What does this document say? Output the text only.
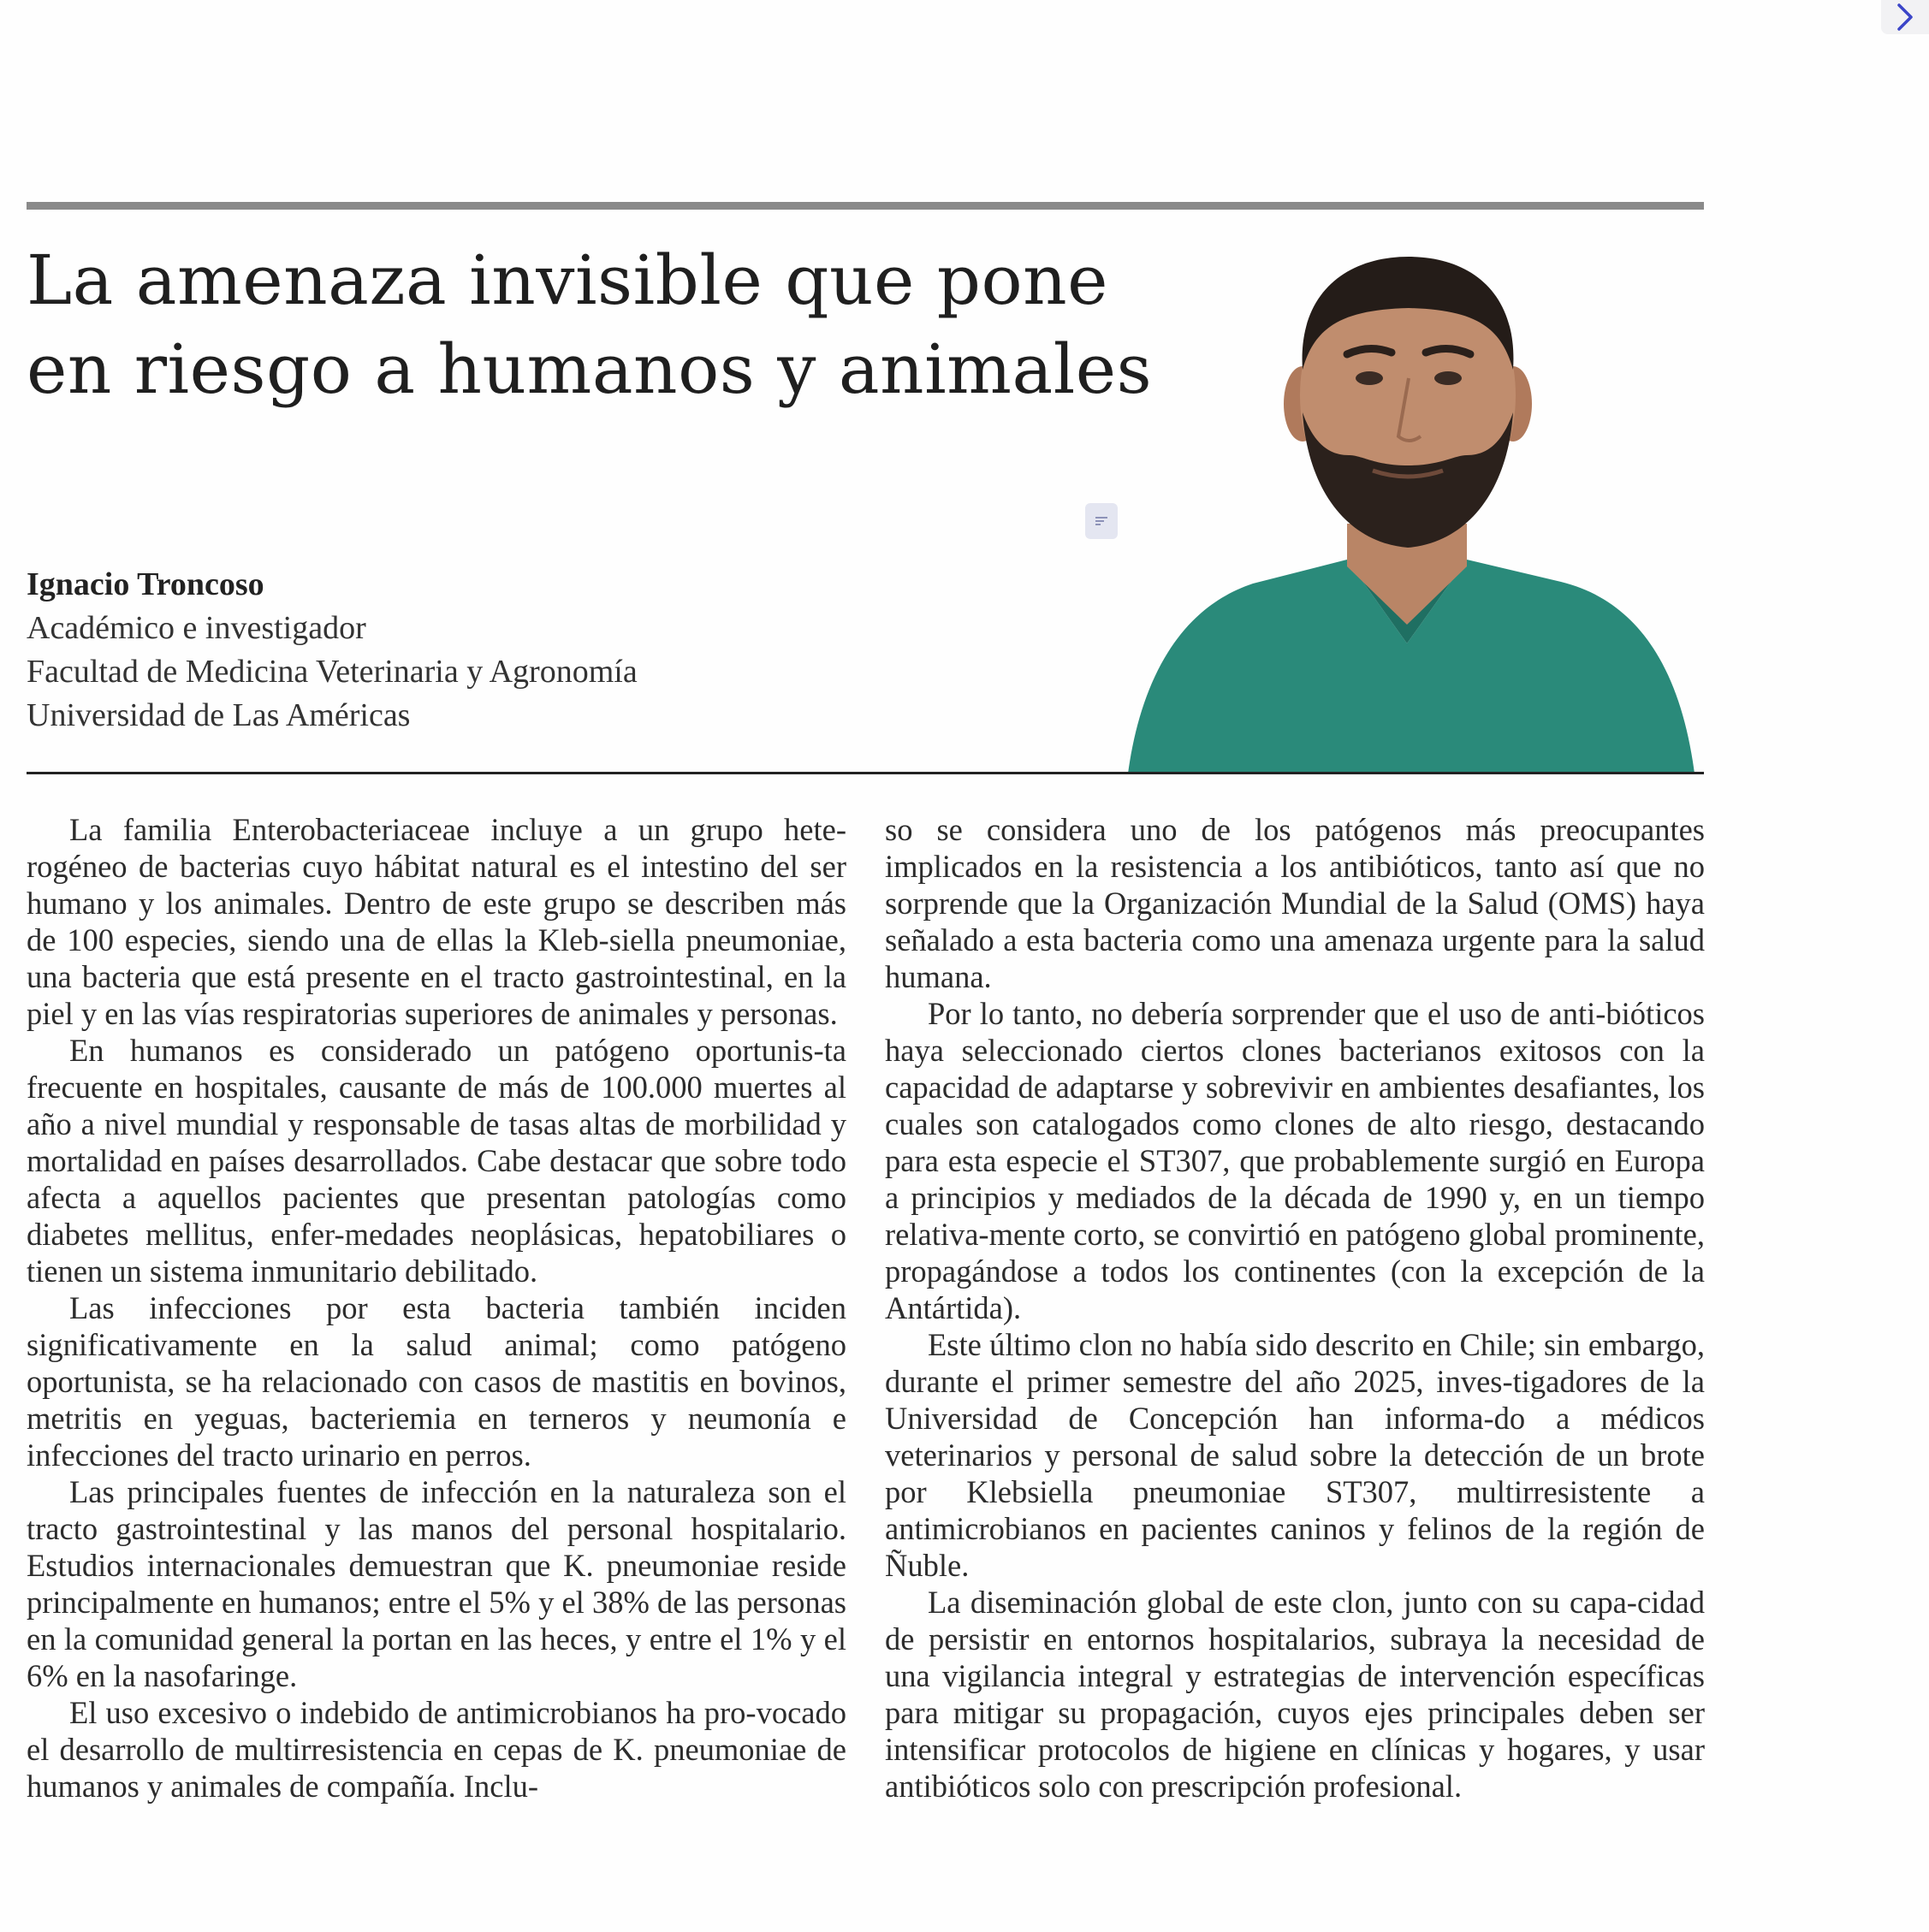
La amenaza invisible que pone
en riesgo a humanos y animales
Ignacio Troncoso
Académico e investigador
Facultad de Medicina Veterinaria y Agronomía
Universidad de Las Américas

La familia Enterobacteriaceae incluye a un grupo hete-rogéneo de bacterias cuyo hábitat natural es el intestino del ser humano y los animales. Dentro de este grupo se describen más de 100 especies, siendo una de ellas la Kleb-siella pneumoniae, una bacteria que está presente en el tracto gastrointestinal, en la piel y en las vías respiratorias superiores de animales y personas.

En humanos es considerado un patógeno oportunis-ta frecuente en hospitales, causante de más de 100.000 muertes al año a nivel mundial y responsable de tasas altas de morbilidad y mortalidad en países desarrollados. Cabe destacar que sobre todo afecta a aquellos pacientes que presentan patologías como diabetes mellitus, enfer-medades neoplásicas, hepatobiliares o tienen un sistema inmunitario debilitado.

Las infecciones por esta bacteria también inciden significativamente en la salud animal; como patógeno oportunista, se ha relacionado con casos de mastitis en bovinos, metritis en yeguas, bacteriemia en terneros y neumonía e infecciones del tracto urinario en perros.

Las principales fuentes de infección en la naturaleza son el tracto gastrointestinal y las manos del personal hospitalario. Estudios internacionales demuestran que K. pneumoniae reside principalmente en humanos; entre el 5% y el 38% de las personas en la comunidad general la portan en las heces, y entre el 1% y el 6% en la nasofaringe.

El uso excesivo o indebido de antimicrobianos ha pro-vocado el desarrollo de multirresistencia en cepas de K. pneumoniae de humanos y animales de compañía. Inclu-

so se considera uno de los patógenos más preocupantes implicados en la resistencia a los antibióticos, tanto así que no sorprende que la Organización Mundial de la Salud (OMS) haya señalado a esta bacteria como una amenaza urgente para la salud humana.

Por lo tanto, no debería sorprender que el uso de anti-bióticos haya seleccionado ciertos clones bacterianos exitosos con la capacidad de adaptarse y sobrevivir en ambientes desafiantes, los cuales son catalogados como clones de alto riesgo, destacando para esta especie el ST307, que probablemente surgió en Europa a principios y mediados de la década de 1990 y, en un tiempo relativa-mente corto, se convirtió en patógeno global prominente, propagándose a todos los continentes (con la excepción de la Antártida).

Este último clon no había sido descrito en Chile; sin embargo, durante el primer semestre del año 2025, inves-tigadores de la Universidad de Concepción han informa-do a médicos veterinarios y personal de salud sobre la detección de un brote por Klebsiella pneumoniae ST307, multirresistente a antimicrobianos en pacientes caninos y felinos de la región de Ñuble.

La diseminación global de este clon, junto con su capa-cidad de persistir en entornos hospitalarios, subraya la necesidad de una vigilancia integral y estrategias de intervención específicas para mitigar su propagación, cuyos ejes principales deben ser intensificar protocolos de higiene en clínicas y hogares, y usar antibióticos solo con prescripción profesional.
